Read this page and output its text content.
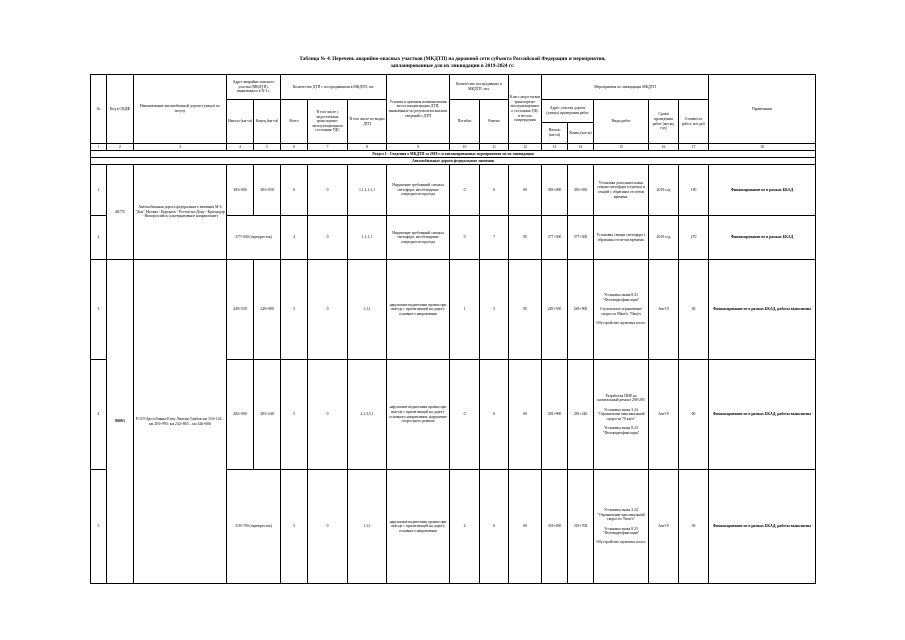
Таблица № 4. Перечень аварийно-опасных участков (МКДТП) на дорожной сети субъекта Российской Федерации и мероприятия,
запланированные для их ликвидации в 2019-2024 гг.
№	Код в СКДФ	Наименование автомобильной дороги (улицы) по титулу	Адрес аварийно-опасного участка (МКДТП), выявленного в N-1 г		Количество ДТП с пострадавшими в МКДТП, шт.			Условия и причины возникновения места концентрации ДТП, выявленные по результатам анализа сведений о ДТП	Количество пострадавших в МКДТП, чел.		Класс недостатков транспортно-эксплуатационного состояния УДС в местах повреждения	Мероприятия по ликвидации МКДТП					Примечания
			Начало (км+м)	Конец (км+м)	Всего	В том числе с недостатками транспортно-эксплуатационного состояния УДС	В том числе по видам ДТП		Погибло	Ранено		Адрес участка дороги (улицы) проведения работ		Виды работ	Сроки проведения работ (месяц, год)	Стоимость работ, тыс руб	
												Начало (км+м)	Конец (км+м)				
1	2	3	4	5	6	7	8	9	10	11	12	13	14	15	16	17	18
Раздел 1 - Сведения о МКДТП за 2018 г. и запланированных мероприятиях по их ликвидации																	
Автомобильные дороги федерального значения																	
1	46775	Автомобильная дорога федерального значения М-4 "Дон" Москва - Воронеж - Ростов-на-Дону - Краснодар - Новороссийск (альтернативное направление)	383+000	383+050	6	0	1,1,1,1,1,1	Нарушение требований сигнала светофора, несоблюдение очередности проезда	0	6	00	383+000	383+050	Установка дополнительных секции светофора (стрелка) и секций с обратным отсчетом времени.	2019 год	180	Финансирование не в рамках БКАД
2			377+500 (перекресток)		4	0	1,1,1,1	Нарушение требований сигнала светофора, несоблюдение очередности проезда	0	7	00	377+500	377+500	Установка секции светофора с обратным отсчетом времени.	2019 год	270	Финансирование не в рамках БКАД
3	86863	Р-119 Орел-Ливны-Елец-Липецк-Тамбов км 154+124 – км 203+993; км 232+865 – км 326+606	249+550	249+900	3	0	1,1,1	нарушение водителями правил при выезде с прилегающей на дорогу основного направления	1	3	00	249+550	249+900	Установка знака 8.23 "Фотовидеофиксация"

Ступенчатое ограничение скорости 90км/ч, 70км/ч

Обустройство шумовых полос	Jun-19	30	Финансирование не в рамках БКАД, работы выполнены
4			282+900	283+240	5	0	2,1,3,5,1	нарушение водителями правил при выезде с прилегающей на дорогу основного направления, нарушение скоростного режима	0	6	00	282+900	283+240	Разработка ПИР на капитальный ремонт 280-285

Установка знака 3.24 "Ограничение максимальной скорости 70 км/ч"

Установка знака 8.23 "Фотовидеофиксация"	Jun-19	60	Финансирование не в рамках БКАД, работы выполнены
5			318+700 (перекресток)		3	0	1,1,1	нарушение водителями правил при выезде с прилегающей на дорогу основного направления	4	6	00	318+650	318+700	Установка знака 3.24 "Ограничение максимальной скорости 70км/ч"

Установка знака 8.23 "Фотовидеофиксация"

Обустройство шумовых полос	Jun-19	30	Финансирование не в рамках БКАД, работы выполнены
